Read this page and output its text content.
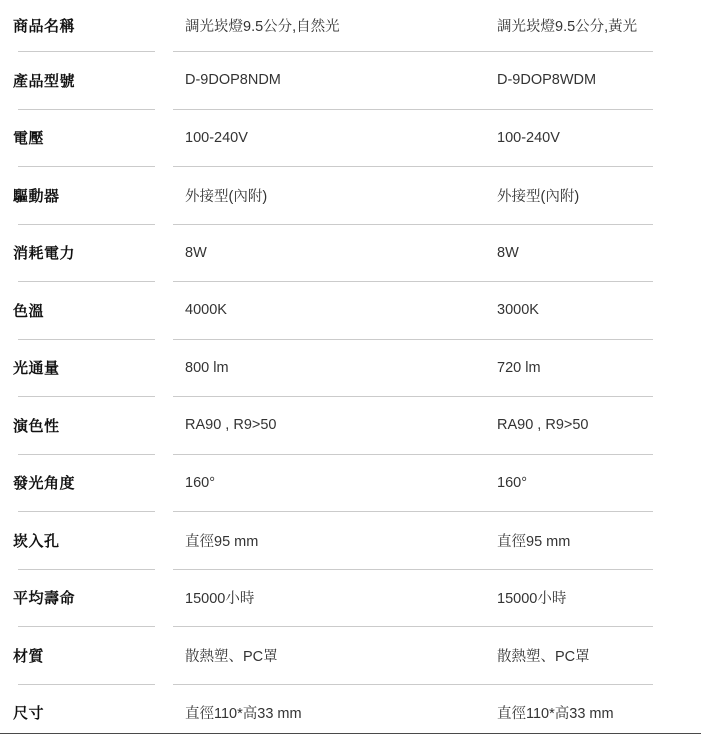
商品名稱	調光崁燈9.5公分,自然光	調光崁燈9.5公分,黃光
產品型號	D-9DOP8NDM	D-9DOP8WDM
電壓	100-240V	100-240V
驅動器	外接型(內附)	外接型(內附)
消耗電力	8W	8W
色溫	4000K	3000K
光通量	800 lm	720 lm
演色性	RA90 , R9>50	RA90 , R9>50
發光角度	160°	160°
崁入孔	直徑95 mm	直徑95 mm
平均壽命	15000小時	15000小時
材質	散熱塑、PC罩	散熱塑、PC罩
尺寸	直徑110*高33 mm	直徑110*高33 mm
